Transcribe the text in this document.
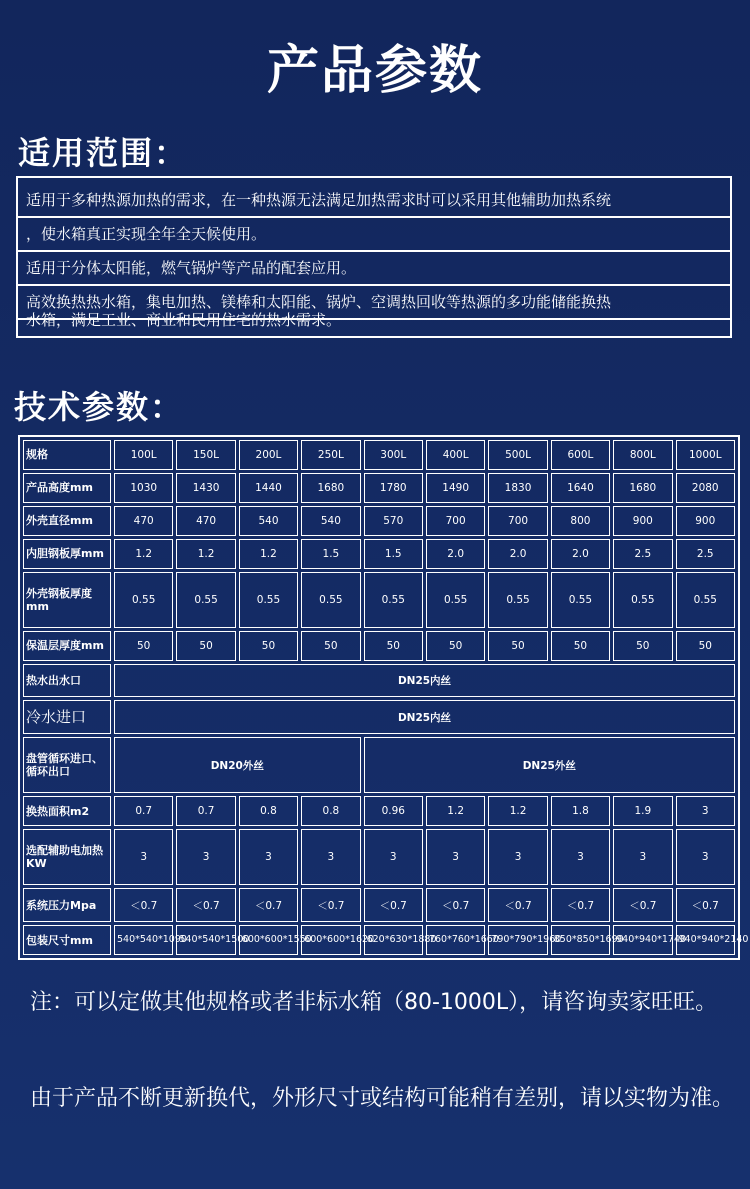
产品参数
适用范围：
适用于多种热源加热的需求，在一种热源无法满足加热需求时可以采用其他辅助加热系统
，使水箱真正实现全年全天候使用。
适用于分体太阳能，燃气锅炉等产品的配套应用。
高效换热热水箱，集电加热、镁棒和太阳能、锅炉、空调热回收等热源的多功能储能换热
水箱，满足工业、商业和民用住宅的热水需求。
技术参数：
规格	100L	150L	200L	250L	300L	400L	500L	600L	800L	1000L
产品高度mm	1030	1430	1440	1680	1780	1490	1830	1640	1680	2080
外壳直径mm	470	470	540	540	570	700	700	800	900	900
内胆钢板厚mm	1.2	1.2	1.2	1.5	1.5	2.0	2.0	2.0	2.5	2.5
外壳钢板厚度mm	0.55	0.55	0.55	0.55	0.55	0.55	0.55	0.55	0.55	0.55
保温层厚度mm	50	50	50	50	50	50	50	50	50	50
热水出水口	DN25内丝									
冷水进口	DN25内丝									
盘管循环进口、循环出口	DN20外丝				DN25外丝					
换热面积m2	0.7	0.7	0.8	0.8	0.96	1.2	1.2	1.8	1.9	3
选配辅助电加热KW	3	3	3	3	3	3	3	3	3	3
系统压力Mpa	＜0.7	＜0.7	＜0.7	＜0.7	＜0.7	＜0.7	＜0.7	＜0.7	＜0.7	＜0.7
包装尺寸mm	540*540*1090	540*540*1500	600*600*1550	600*600*1620	620*630*1880	760*760*1660	790*790*1960	850*850*1690	940*940*1740	940*940*2140
注：可以定做其他规格或者非标水箱（80-1000L），请咨询卖家旺旺。
由于产品不断更新换代，外形尺寸或结构可能稍有差别，请以实物为准。
